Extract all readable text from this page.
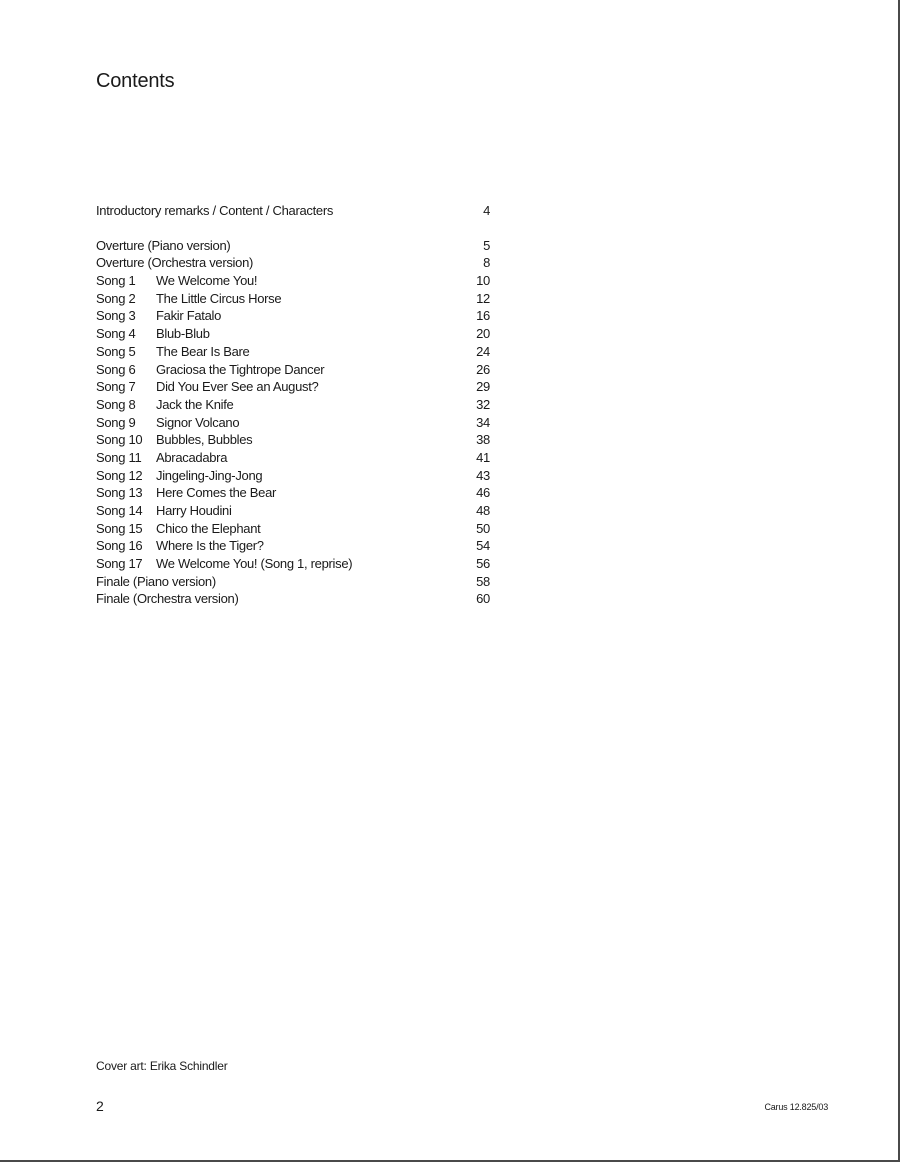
Contents
Introductory remarks / Content / Characters	4
Overture (Piano version)	5
Overture (Orchestra version)	8
Song 1 We Welcome You!	10
Song 2 The Little Circus Horse	12
Song 3 Fakir Fatalo	16
Song 4 Blub-Blub	20
Song 5 The Bear Is Bare	24
Song 6 Graciosa the Tightrope Dancer	26
Song 7 Did You Ever See an August?	29
Song 8 Jack the Knife	32
Song 9 Signor Volcano	34
Song 10 Bubbles, Bubbles	38
Song 11 Abracadabra	41
Song 12 Jingeling-Jing-Jong	43
Song 13 Here Comes the Bear	46
Song 14 Harry Houdini	48
Song 15 Chico the Elephant	50
Song 16 Where Is the Tiger?	54
Song 17 We Welcome You! (Song 1, reprise)	56
Finale (Piano version)	58
Finale (Orchestra version)	60
Cover art: Erika Schindler
2	Carus 12.825/03
